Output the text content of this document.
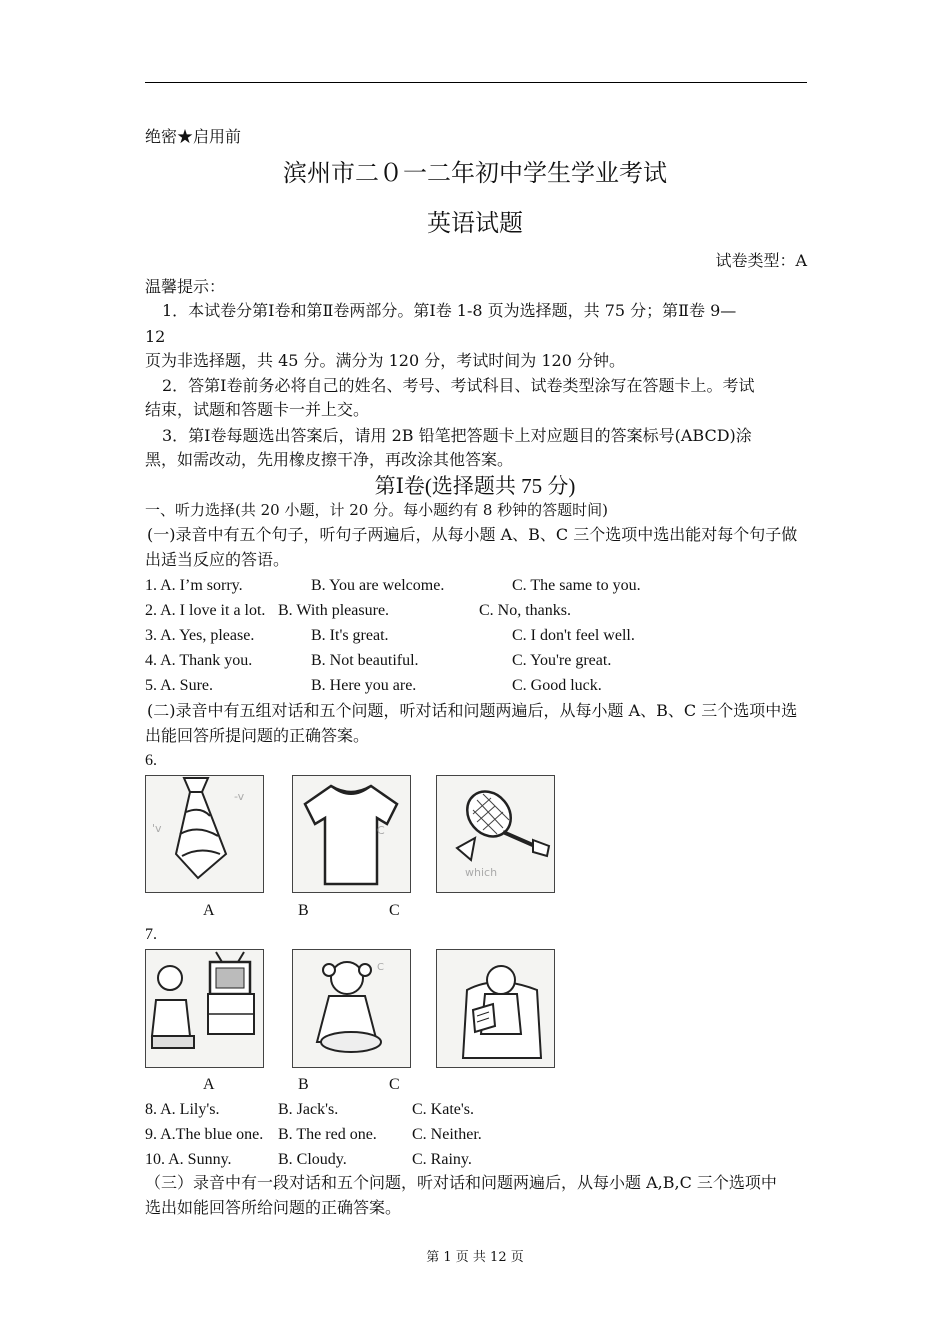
绝密★启用前
滨州市二０一二年初中学生学业考试
英语试题
试卷类型：A
温馨提示：
1．本试卷分第Ⅰ卷和第Ⅱ卷两部分。第Ⅰ卷 1-8 页为选择题，共 75 分；第Ⅱ卷 9—
12
页为非选择题，共 45 分。满分为 120 分，考试时间为 120 分钟。
2．答第Ⅰ卷前务必将自己的姓名、考号、考试科目、试卷类型涂写在答题卡上。考试
结束，试题和答题卡一并上交。
3．第Ⅰ卷每题选出答案后，请用 2B 铅笔把答题卡上对应题目的答案标号(ABCD)涂
黑，如需改动，先用橡皮擦干净，再改涂其他答案。
第Ⅰ卷(选择题共 75 分)
一、听力选择(共 20 小题，计 20 分。每小题约有 8 秒钟的答题时间)
(一)录音中有五个句子，听句子两遍后，从每小题 A、B、C 三个选项中选出能对每个句子做
出适当反应的答语。
1. A. I’m sorry.	B. You are welcome.	C. The same to you.
2. A. I love it a lot. B. With pleasure.	C. No, thanks.
3. A. Yes, please.	B. It's great.	C. I don't feel well.
4. A. Thank you.	B. Not beautiful.	C. You're great.
5. A. Sure.	B. Here you are.	C. Good luck.
(二)录音中有五组对话和五个问题，听对话和问题两遍后，从每小题 A、B、C 三个选项中选
出能回答所提问题的正确答案。
6.
-v
'v	C
which
A	B	C
7.
C
A	B	C
8. A. Lily's.	B. Jack's.	C. Kate's.
9. A.The blue one. B. The red one. C. Neither.
10. A. Sunny.	B. Cloudy.	C. Rainy.
（三）录音中有一段对话和五个问题，听对话和问题两遍后，从每小题 A,B,C 三个选项中
选出如能回答所给问题的正确答案。
第 1 页 共 12 页
